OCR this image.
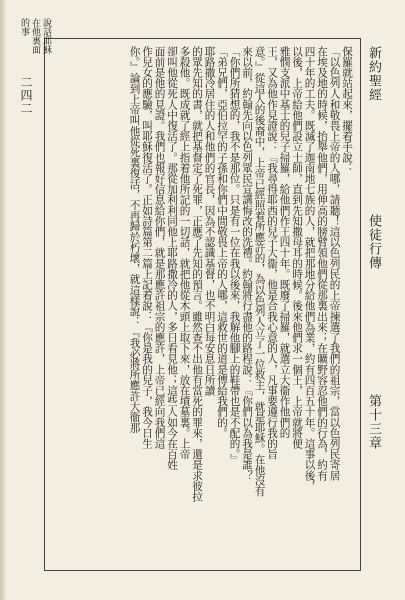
新約聖經
使徒行傳
第十三章
二四二
說話耶穌在他裏面的事
保羅就站起來，擺着手說：
「以色列人和敬畏上帝的人哪，請聽！這以色列民的上帝揀選了我們的祖宗，當以色列民寄居
在埃及地的時候，抬舉他們，用伸高的膀臂領他們從那裏出來；在曠野容忍他們的行為，約有
四十年的工夫。既滅了迦南地七族的人，就把那地分給他們為業，約有四百五十年。這事以後，
以後，上帝給他們設立士師，直到先知撒母耳的時候。後來他們求一個王，上帝就將便
雅憫支派中基士的兒子掃羅，給他們作王四十年。既廢了掃羅，就選立大衞作他們的
王，又為他作見證說：『我尋得耶西的兒子大衞，他是合我心意的人，凡事要遵行我的旨
意。』從這人的後裔中，上帝已經照着所應許的，為以色列人立了一位救主，就是耶穌。在他沒有
來以前，約翰先向以色列眾民宣講悔改的洗禮。約翰將行盡他的路程說：『你們以為我是誰？
「你們所猜想的，我不是那位。只是有一位在我以後來，我解他腳上的鞋帶也是不配的。』
「弟兄們，亞伯拉罕的子孫和你們中間敬畏上帝的人哪，這救世的道是傳給我們的。
耶路撒冷居住的人和他們的官長，因為不認識基督，也不明白每安息日所讀
的眾先知的書，就把基督定了死罪，正應了先知的預言。雖然查不出他有當死的罪來，還是求彼拉
多殺他。既成就了經上指着他所記的一切話，就把他從木頭上取下來，放在墳墓裏。上帝
卻叫他從死人中復活了。那從加利利同他上耶路撒冷的人，多日看見他；這些人如今在百姓
面前是他的見證。我們也報好信息給你們，就是那應許祖宗的應許，上帝已經向我們這
作兒女的應驗，叫耶穌復活了。正如詩篇第二篇上記着說：『你是我的兒子，我今日生
你。』論到上帝叫他從死裏復活，不再歸於朽壞，就這樣說：『我必將所應許大衞那
